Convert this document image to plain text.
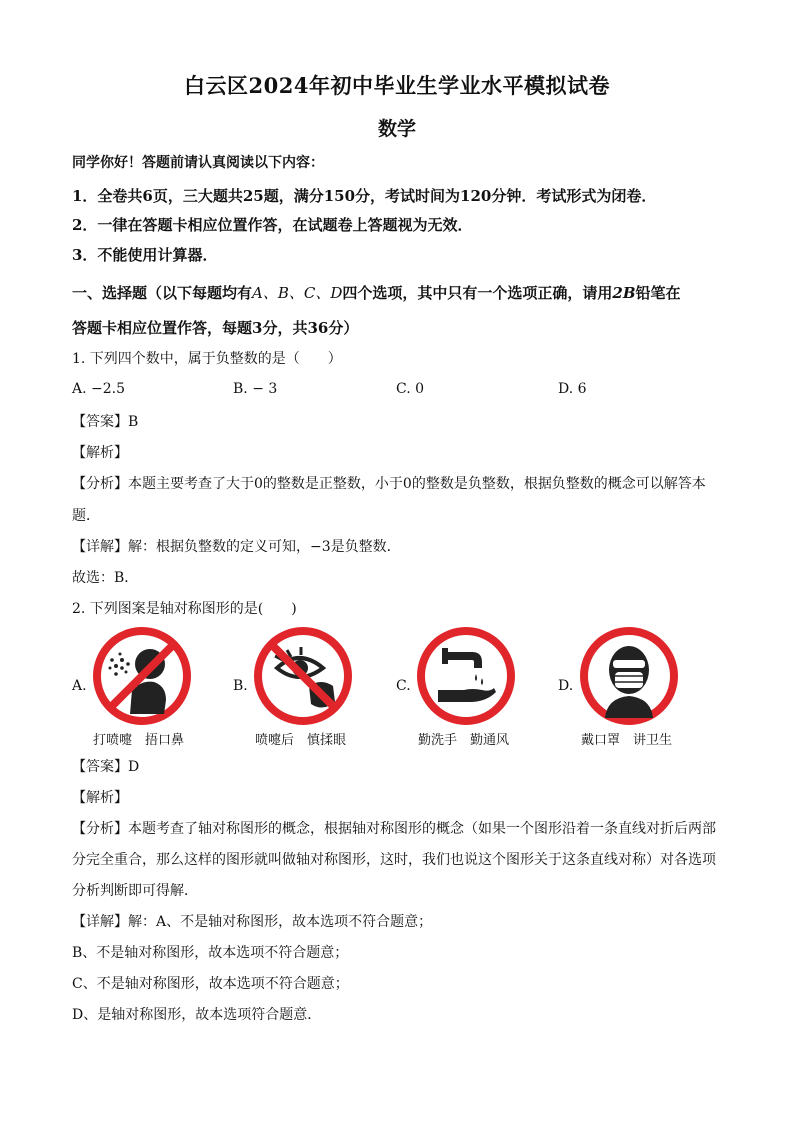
白云区2024年初中毕业生学业水平模拟试卷
数学
同学你好！答题前请认真阅读以下内容：
1．全卷共6页，三大题共25题，满分150分，考试时间为120分钟．考试形式为闭卷．
2．一律在答题卡相应位置作答，在试题卷上答题视为无效．
3．不能使用计算器．
一、选择题（以下每题均有A、B、C、D四个选项，其中只有一个选项正确，请用2B铅笔在
答题卡相应位置作答，每题3分，共36分）
1. 下列四个数中，属于负整数的是（　　）
A. −2.5	B. − 3	C. 0	D. 6
【答案】B
【解析】
【分析】本题主要考查了大于0的整数是正整数，小于0的整数是负整数，根据负整数的概念可以解答本
题．
【详解】解：根据负整数的定义可知，−3是负整数．
故选：B．
2. 下列图案是轴对称图形的是(　　)
A.
打喷嚏　捂口鼻
B.
喷嚏后　慎揉眼
C.
勤洗手　勤通风
D.
戴口罩　讲卫生
【答案】D
【解析】
【分析】本题考查了轴对称图形的概念，根据轴对称图形的概念（如果一个图形沿着一条直线对折后两部
分完全重合，那么这样的图形就叫做轴对称图形，这时，我们也说这个图形关于这条直线对称）对各选项
分析判断即可得解．
【详解】解：A、不是轴对称图形，故本选项不符合题意；
B、不是轴对称图形，故本选项不符合题意；
C、不是轴对称图形，故本选项不符合题意；
D、是轴对称图形，故本选项符合题意．
